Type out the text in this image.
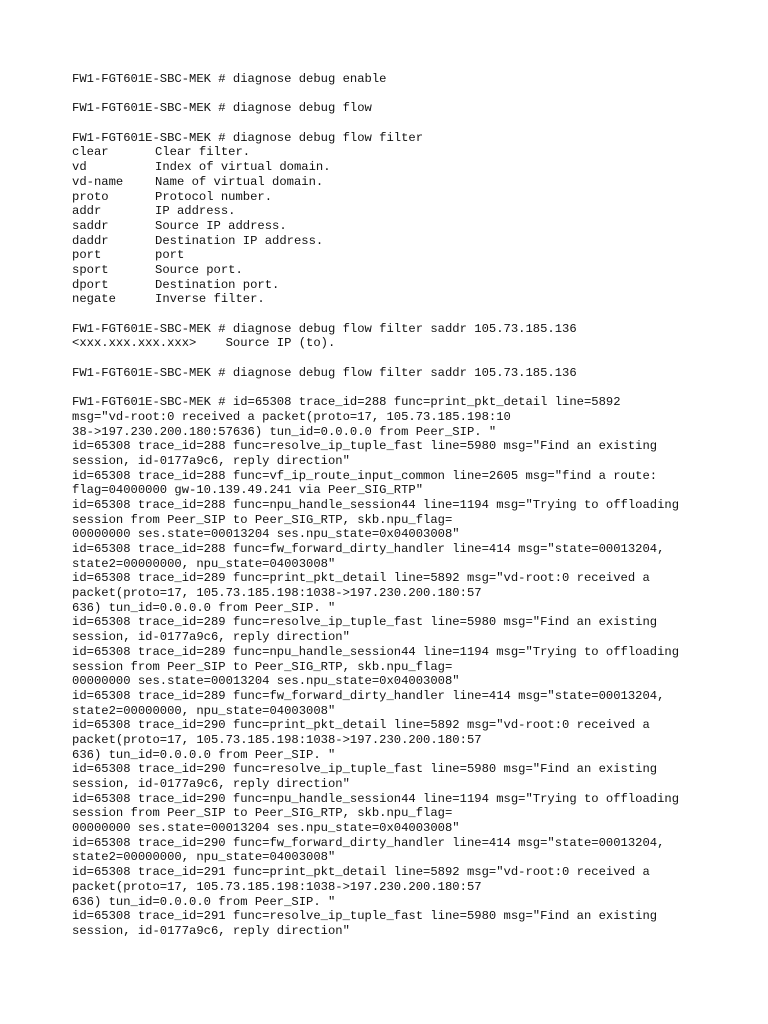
FW1-FGT601E-SBC-MEK # diagnose debug enable
FW1-FGT601E-SBC-MEK # diagnose debug flow
FW1-FGT601E-SBC-MEK # diagnose debug flow filter
clear	Clear filter.
vd	Index of virtual domain.
vd-name	Name of virtual domain.
proto	Protocol number.
addr	IP address.
saddr	Source IP address.
daddr	Destination IP address.
port	port
sport	Source port.
dport	Destination port.
negate	Inverse filter.
FW1-FGT601E-SBC-MEK # diagnose debug flow filter saddr 105.73.185.136
<xxx.xxx.xxx.xxx>    Source IP (to).
FW1-FGT601E-SBC-MEK # diagnose debug flow filter saddr 105.73.185.136
FW1-FGT601E-SBC-MEK # id=65308 trace_id=288 func=print_pkt_detail line=5892
msg="vd-root:0 received a packet(proto=17, 105.73.185.198:10
38->197.230.200.180:57636) tun_id=0.0.0.0 from Peer_SIP. "
id=65308 trace_id=288 func=resolve_ip_tuple_fast line=5980 msg="Find an existing
session, id-0177a9c6, reply direction"
id=65308 trace_id=288 func=vf_ip_route_input_common line=2605 msg="find a route:
flag=04000000 gw-10.139.49.241 via Peer_SIG_RTP"
id=65308 trace_id=288 func=npu_handle_session44 line=1194 msg="Trying to offloading
session from Peer_SIP to Peer_SIG_RTP, skb.npu_flag=
00000000 ses.state=00013204 ses.npu_state=0x04003008"
id=65308 trace_id=288 func=fw_forward_dirty_handler line=414 msg="state=00013204,
state2=00000000, npu_state=04003008"
id=65308 trace_id=289 func=print_pkt_detail line=5892 msg="vd-root:0 received a
packet(proto=17, 105.73.185.198:1038->197.230.200.180:57
636) tun_id=0.0.0.0 from Peer_SIP. "
id=65308 trace_id=289 func=resolve_ip_tuple_fast line=5980 msg="Find an existing
session, id-0177a9c6, reply direction"
id=65308 trace_id=289 func=npu_handle_session44 line=1194 msg="Trying to offloading
session from Peer_SIP to Peer_SIG_RTP, skb.npu_flag=
00000000 ses.state=00013204 ses.npu_state=0x04003008"
id=65308 trace_id=289 func=fw_forward_dirty_handler line=414 msg="state=00013204,
state2=00000000, npu_state=04003008"
id=65308 trace_id=290 func=print_pkt_detail line=5892 msg="vd-root:0 received a
packet(proto=17, 105.73.185.198:1038->197.230.200.180:57
636) tun_id=0.0.0.0 from Peer_SIP. "
id=65308 trace_id=290 func=resolve_ip_tuple_fast line=5980 msg="Find an existing
session, id-0177a9c6, reply direction"
id=65308 trace_id=290 func=npu_handle_session44 line=1194 msg="Trying to offloading
session from Peer_SIP to Peer_SIG_RTP, skb.npu_flag=
00000000 ses.state=00013204 ses.npu_state=0x04003008"
id=65308 trace_id=290 func=fw_forward_dirty_handler line=414 msg="state=00013204,
state2=00000000, npu_state=04003008"
id=65308 trace_id=291 func=print_pkt_detail line=5892 msg="vd-root:0 received a
packet(proto=17, 105.73.185.198:1038->197.230.200.180:57
636) tun_id=0.0.0.0 from Peer_SIP. "
id=65308 trace_id=291 func=resolve_ip_tuple_fast line=5980 msg="Find an existing
session, id-0177a9c6, reply direction"
